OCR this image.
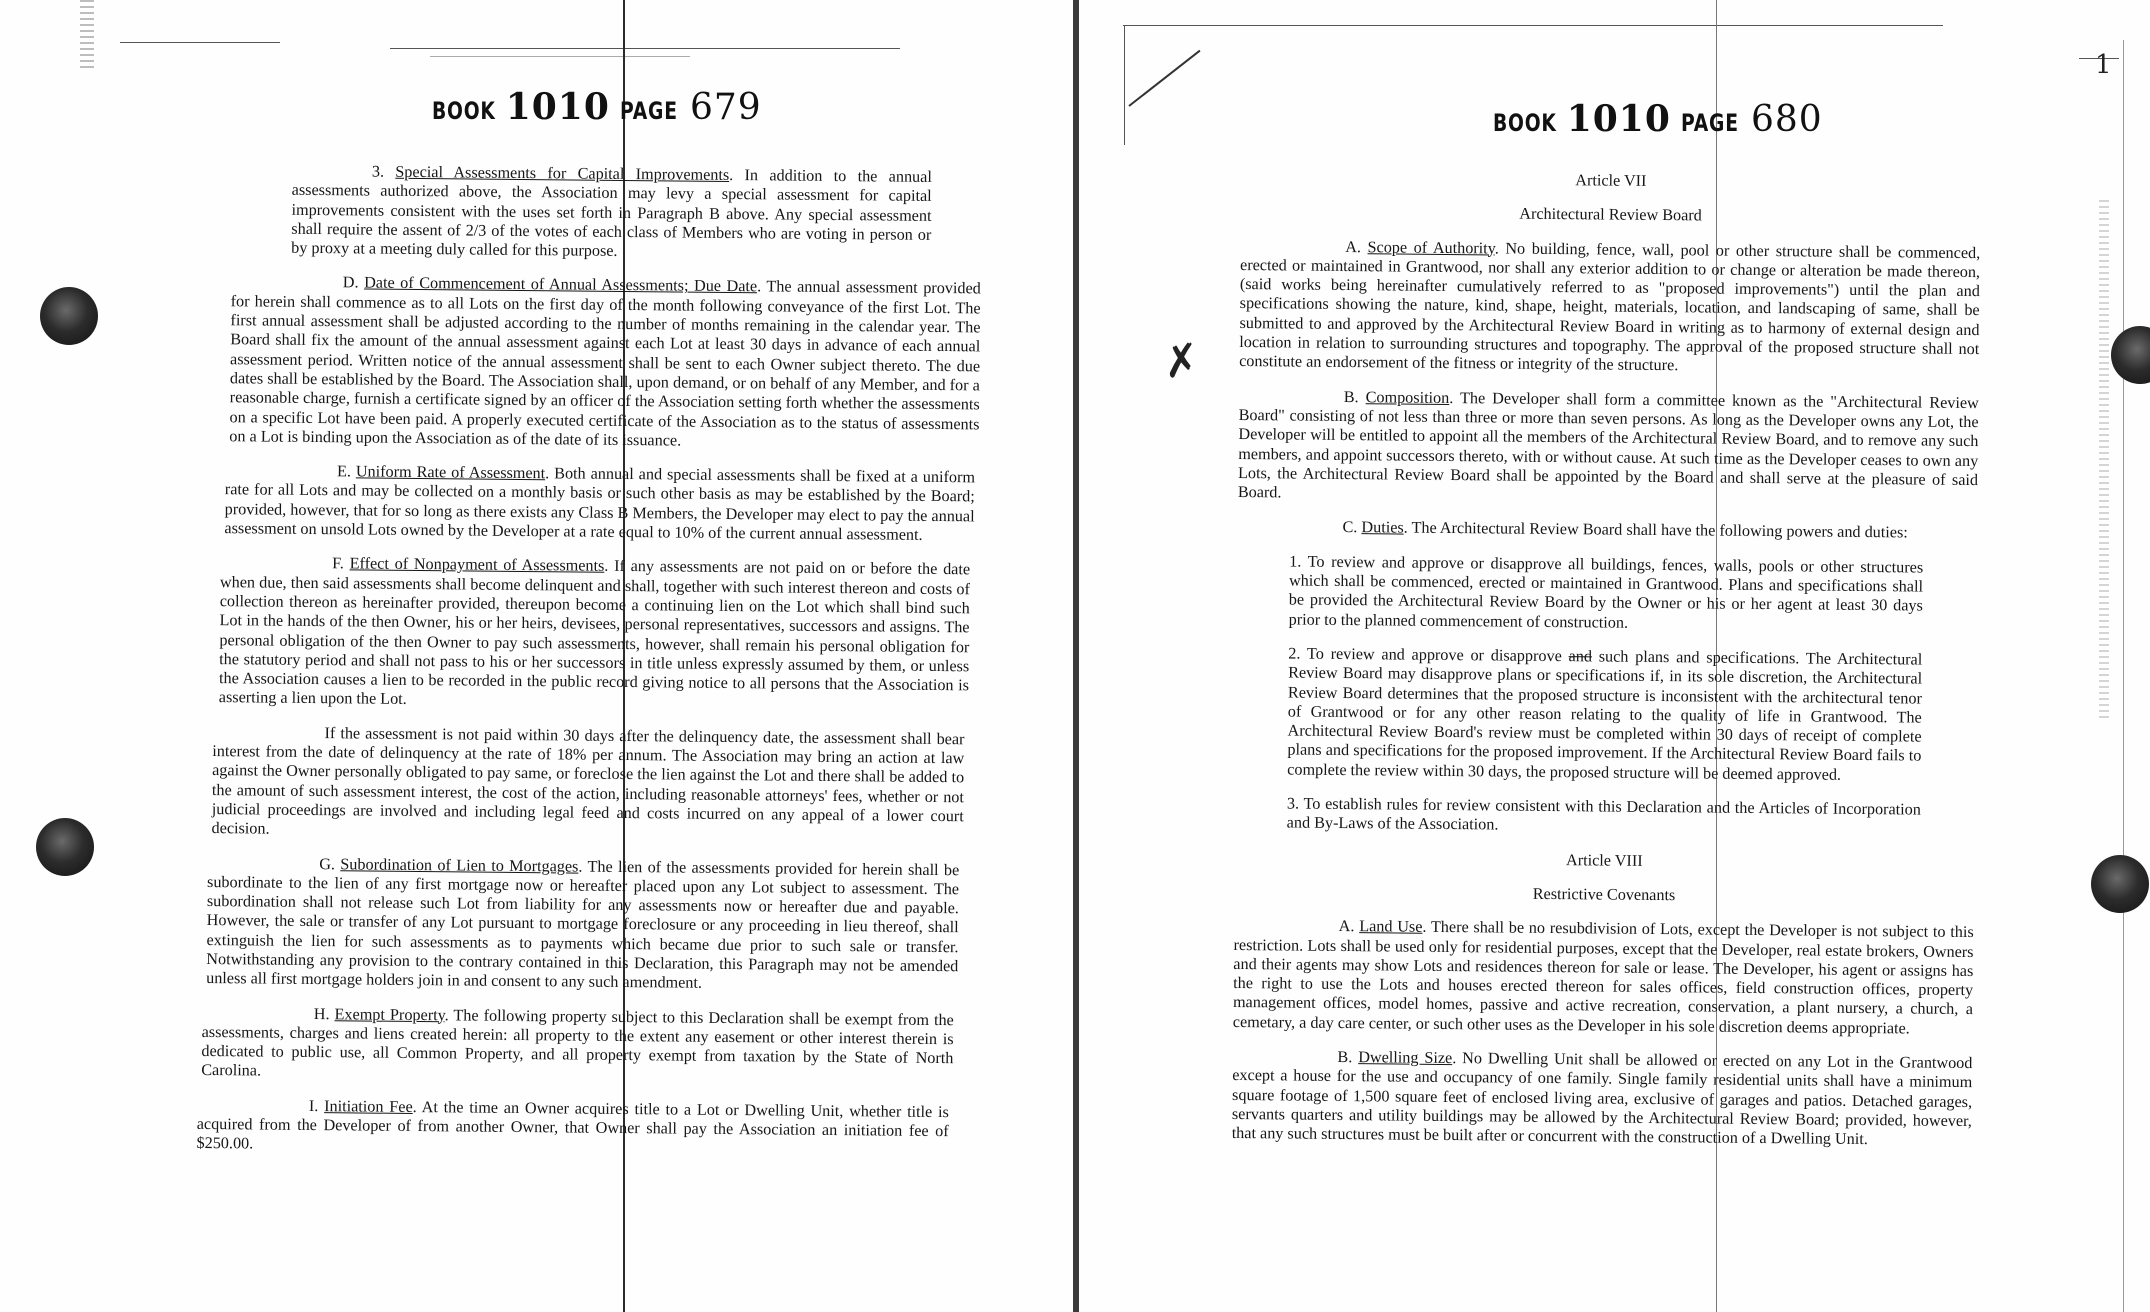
BOOK 1010 PAGE 679

3. Special Assessments for Capital Improvements. In addition to the annual assessments authorized above, the Association may levy a special assessment for capital improvements consistent with the uses set forth in Paragraph B above. Any special assessment shall require the assent of 2/3 of the votes of each class of Members who are voting in person or by proxy at a meeting duly called for this purpose.

D. Date of Commencement of Annual Assessments; Due Date. The annual assessment provided for herein shall commence as to all Lots on the first day of the month following conveyance of the first Lot. The first annual assessment shall be adjusted according to the number of months remaining in the calendar year. The Board shall fix the amount of the annual assessment against each Lot at least 30 days in advance of each annual assessment period. Written notice of the annual assessment shall be sent to each Owner subject thereto. The due dates shall be established by the Board. The Association shall, upon demand, or on behalf of any Member, and for a reasonable charge, furnish a certificate signed by an officer of the Association setting forth whether the assessments on a specific Lot have been paid. A properly executed certificate of the Association as to the status of assessments on a Lot is binding upon the Association as of the date of its issuance.

E. Uniform Rate of Assessment. Both annual and special assessments shall be fixed at a uniform rate for all Lots and may be collected on a monthly basis or such other basis as may be established by the Board; provided, however, that for so long as there exists any Class B Members, the Developer may elect to pay the annual assessment on unsold Lots owned by the Developer at a rate equal to 10% of the current annual assessment.

F. Effect of Nonpayment of Assessments. If any assessments are not paid on or before the date when due, then said assessments shall become delinquent and shall, together with such interest thereon and costs of collection thereon as hereinafter provided, thereupon become a continuing lien on the Lot which shall bind such Lot in the hands of the then Owner, his or her heirs, devisees, personal representatives, successors and assigns. The personal obligation of the then Owner to pay such assessments, however, shall remain his personal obligation for the statutory period and shall not pass to his or her successors in title unless expressly assumed by them, or unless the Association causes a lien to be recorded in the public record giving notice to all persons that the Association is asserting a lien upon the Lot.

If the assessment is not paid within 30 days after the delinquency date, the assessment shall bear interest from the date of delinquency at the rate of 18% per annum. The Association may bring an action at law against the Owner personally obligated to pay same, or foreclose the lien against the Lot and there shall be added to the amount of such assessment interest, the cost of the action, including reasonable attorneys' fees, whether or not judicial proceedings are involved and including legal feed and costs incurred on any appeal of a lower court decision.

G. Subordination of Lien to Mortgages. The lien of the assessments provided for herein shall be subordinate to the lien of any first mortgage now or hereafter placed upon any Lot subject to assessment. The subordination shall not release such Lot from liability for any assessments now or hereafter due and payable. However, the sale or transfer of any Lot pursuant to mortgage foreclosure or any proceeding in lieu thereof, shall extinguish the lien for such assessments as to payments which became due prior to such sale or transfer. Notwithstanding any provision to the contrary contained in this Declaration, this Paragraph may not be amended unless all first mortgage holders join in and consent to any such amendment.

H. Exempt Property. The following property subject to this Declaration shall be exempt from the assessments, charges and liens created herein: all property to the extent any easement or other interest therein is dedicated to public use, all Common Property, and all property exempt from taxation by the State of North Carolina.

I. Initiation Fee. At the time an Owner acquires title to a Lot or Dwelling Unit, whether title is acquired from the Developer of from another Owner, that Owner shall pay the Association an initiation fee of $250.00.

1
✗
BOOK 1010 PAGE 680

Article VII

Architectural Review Board

A. Scope of Authority. No building, fence, wall, pool or other structure shall be commenced, erected or maintained in Grantwood, nor shall any exterior addition to or change or alteration be made thereon, (said works being hereinafter cumulatively referred to as "proposed improvements") until the plan and specifications showing the nature, kind, shape, height, materials, location, and landscaping of same, shall be submitted to and approved by the Architectural Review Board in writing as to harmony of external design and location in relation to surrounding structures and topography. The approval of the proposed structure shall not constitute an endorsement of the fitness or integrity of the structure.

B. Composition. The Developer shall form a committee known as the "Architectural Review Board" consisting of not less than three or more than seven persons. As long as the Developer owns any Lot, the Developer will be entitled to appoint all the members of the Architectural Review Board, and to remove any such members, and appoint successors thereto, with or without cause. At such time as the Developer ceases to own any Lots, the Architectural Review Board shall be appointed by the Board and shall serve at the pleasure of said Board.

C. Duties. The Architectural Review Board shall have the following powers and duties:

1. To review and approve or disapprove all buildings, fences, walls, pools or other structures which shall be commenced, erected or maintained in Grantwood. Plans and specifications shall be provided the Architectural Review Board by the Owner or his or her agent at least 30 days prior to the planned commencement of construction.

2. To review and approve or disapprove and such plans and specifications. The Architectural Review Board may disapprove plans or specifications if, in its sole discretion, the Architectural Review Board determines that the proposed structure is inconsistent with the architectural tenor of Grantwood or for any other reason relating to the quality of life in Grantwood. The Architectural Review Board's review must be completed within 30 days of receipt of complete plans and specifications for the proposed improvement. If the Architectural Review Board fails to complete the review within 30 days, the proposed structure will be deemed approved.

3. To establish rules for review consistent with this Declaration and the Articles of Incorporation and By-Laws of the Association.

Article VIII

Restrictive Covenants

A. Land Use. There shall be no resubdivision of Lots, except the Developer is not subject to this restriction. Lots shall be used only for residential purposes, except that the Developer, real estate brokers, Owners and their agents may show Lots and residences thereon for sale or lease. The Developer, his agent or assigns has the right to use the Lots and houses erected thereon for sales offices, field construction offices, property management offices, model homes, passive and active recreation, conservation, a plant nursery, a church, a cemetary, a day care center, or such other uses as the Developer in his sole discretion deems appropriate.

B. Dwelling Size. No Dwelling Unit shall be allowed or erected on any Lot in the Grantwood except a house for the use and occupancy of one family. Single family residential units shall have a minimum square footage of 1,500 square feet of enclosed living area, exclusive of garages and patios. Detached garages, servants quarters and utility buildings may be allowed by the Architectural Review Board; provided, however, that any such structures must be built after or concurrent with the construction of a Dwelling Unit.
